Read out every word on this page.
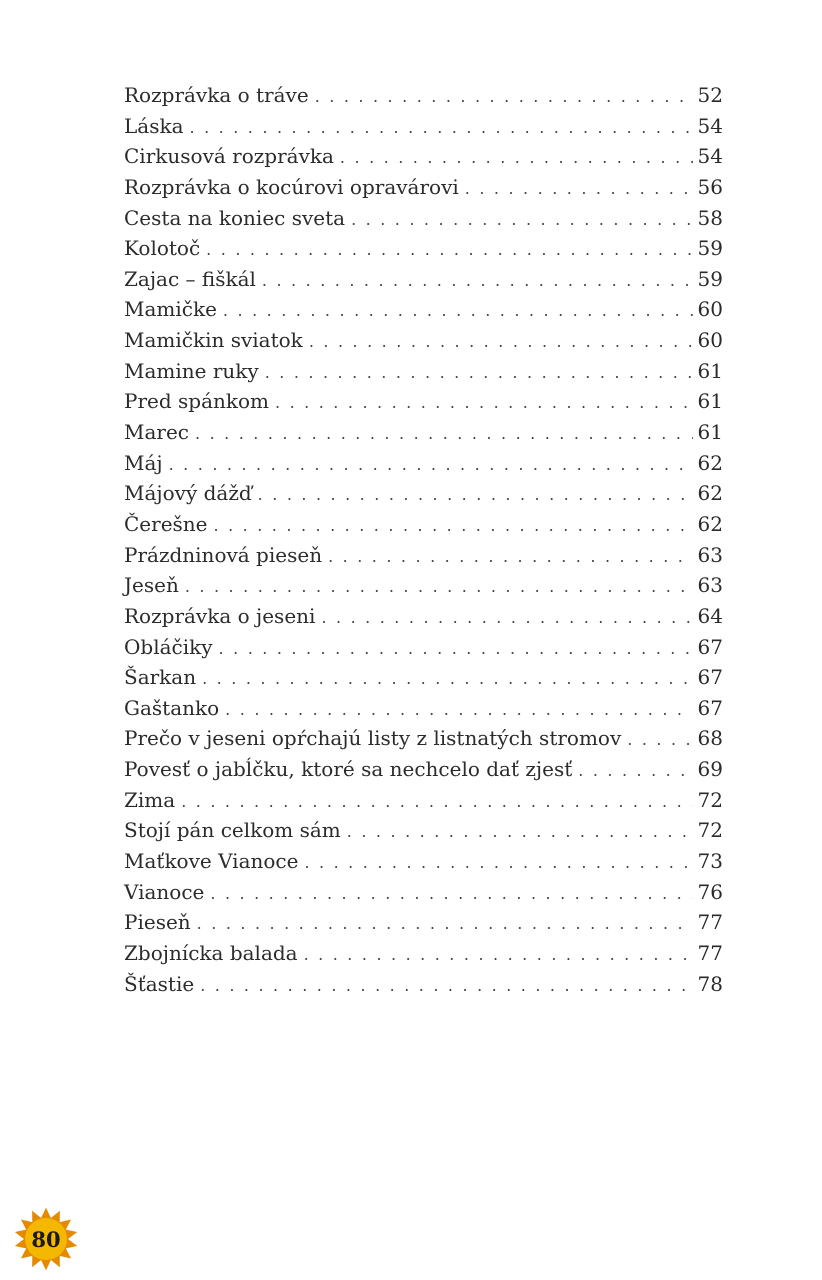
Rozprávka o tráve . . .	52
Láska . . .	54
Cirkusová rozprávka . . .	54
Rozprávka o kocúrovi opravárovi . . .	56
Cesta na koniec sveta . . .	58
Kolotoč . . .	59
Zajac – fiškál . . .	59
Mamičke . . .	60
Mamičkin sviatok . . .	60
Mamine ruky . . .	61
Pred spánkom . . .	61
Marec . . .	61
Máj . . .	62
Májový dážď . . .	62
Čerešne . . .	62
Prázdninová pieseň . . .	63
Jeseň . . .	63
Rozprávka o jeseni . . .	64
Obláčiky . . .	67
Šarkan . . .	67
Gaštanko . . .	67
Prečo v jeseni opŕchajú listy z listnatých stromov . . .	68
Povesť o jabĺčku, ktoré sa nechcelo dať zjesť . . .	69
Zima . . .	72
Stojí pán celkom sám . . .	72
Maťkove Vianoce . . .	73
Vianoce . . .	76
Pieseň . . .	77
Zbojnícka balada . . .	77
Šťastie . . .	78
80
